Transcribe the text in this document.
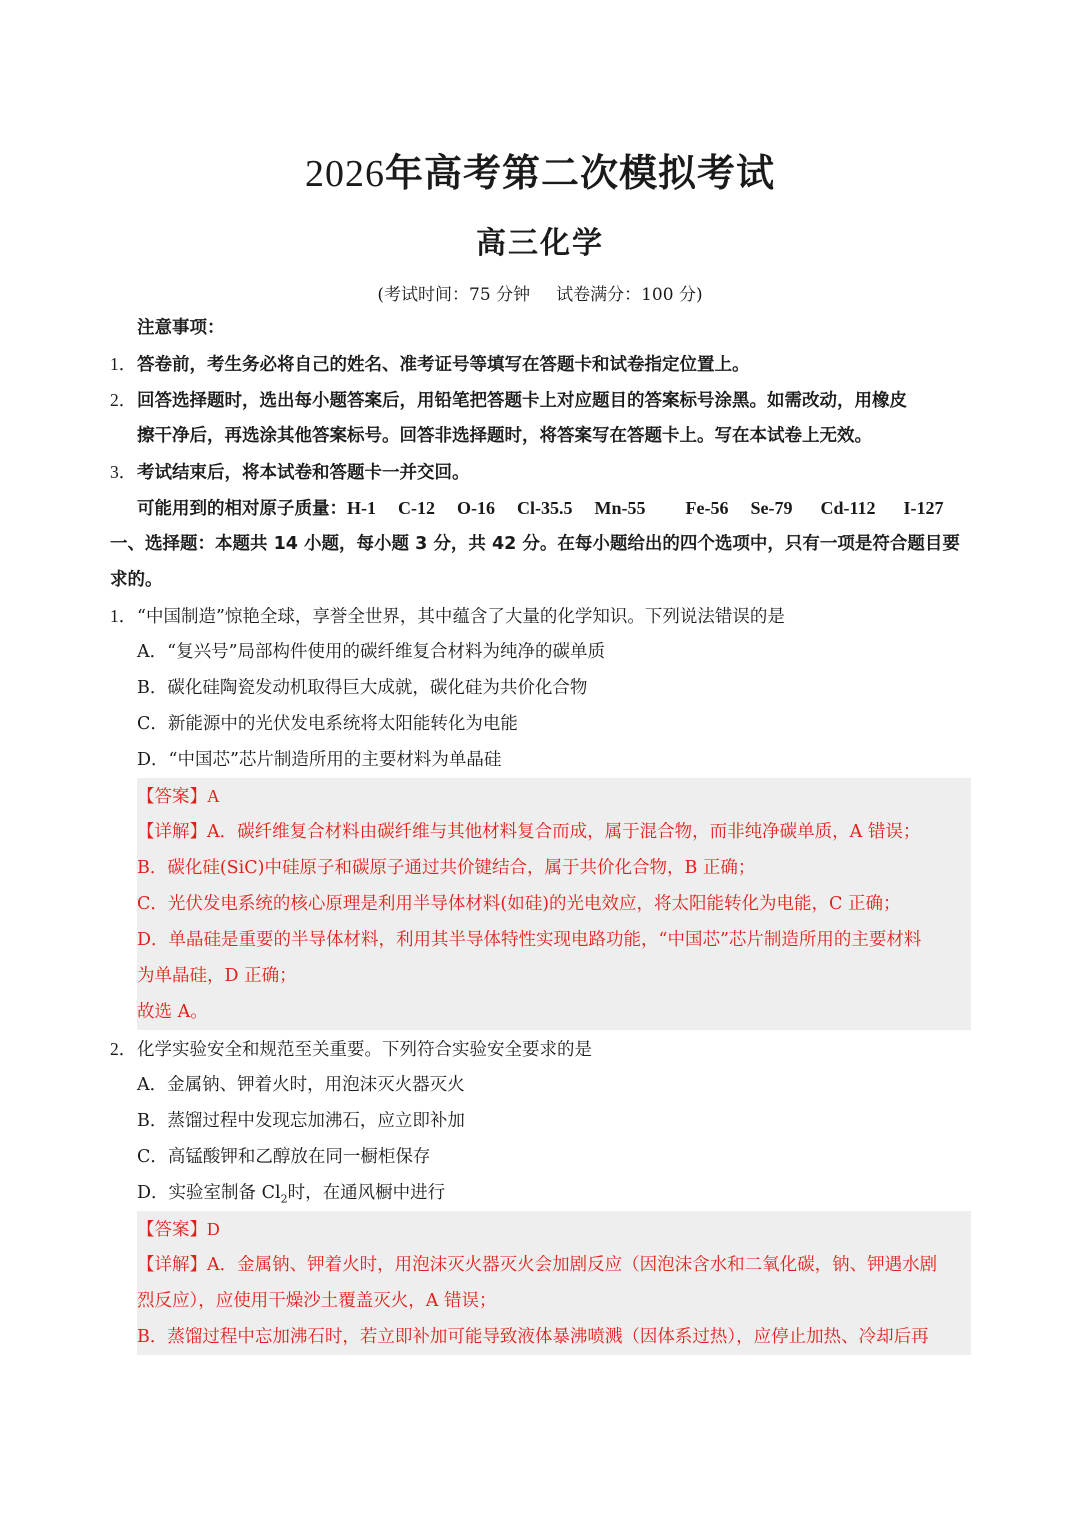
2026年高考第二次模拟考试
高三化学
(考试时间：75 分钟 试卷满分：100 分)
注意事项：
1．答卷前，考生务必将自己的姓名、准考证号等填写在答题卡和试卷指定位置上。
2．回答选择题时，选出每小题答案后，用铅笔把答题卡上对应题目的答案标号涂黑。如需改动，用橡皮
擦干净后，再选涂其他答案标号。回答非选择题时，将答案写在答题卡上。写在本试卷上无效。
3．考试结束后，将本试卷和答题卡一并交回。
可能用到的相对原子质量：H-1 C-12 O-16 Cl-35.5 Mn-55 Fe-56 Se-79 Cd-112 I-127
一、选择题：本题共 14 小题，每小题 3 分，共 42 分。在每小题给出的四个选项中，只有一项是符合题目要
求的。
1．“中国制造”惊艳全球，享誉全世界，其中蕴含了大量的化学知识。下列说法错误的是
A．“复兴号”局部构件使用的碳纤维复合材料为纯净的碳单质
B．碳化硅陶瓷发动机取得巨大成就，碳化硅为共价化合物
C．新能源中的光伏发电系统将太阳能转化为电能
D．“中国芯”芯片制造所用的主要材料为单晶硅
【答案】A
【详解】A．碳纤维复合材料由碳纤维与其他材料复合而成，属于混合物，而非纯净碳单质，A 错误；
B．碳化硅(SiC)中硅原子和碳原子通过共价键结合，属于共价化合物，B 正确；
C．光伏发电系统的核心原理是利用半导体材料(如硅)的光电效应，将太阳能转化为电能，C 正确；
D．单晶硅是重要的半导体材料，利用其半导体特性实现电路功能，“中国芯”芯片制造所用的主要材料
为单晶硅，D 正确；
故选 A。
2．化学实验安全和规范至关重要。下列符合实验安全要求的是
A．金属钠、钾着火时，用泡沫灭火器灭火
B．蒸馏过程中发现忘加沸石，应立即补加
C．高锰酸钾和乙醇放在同一橱柜保存
D．实验室制备 $Cl_2$时，在通风橱中进行
【答案】D
【详解】A．金属钠、钾着火时，用泡沫灭火器灭火会加剧反应（因泡沫含水和二氧化碳，钠、钾遇水剧
烈反应），应使用干燥沙土覆盖灭火，A 错误；
B．蒸馏过程中忘加沸石时，若立即补加可能导致液体暴沸喷溅（因体系过热），应停止加热、冷却后再
